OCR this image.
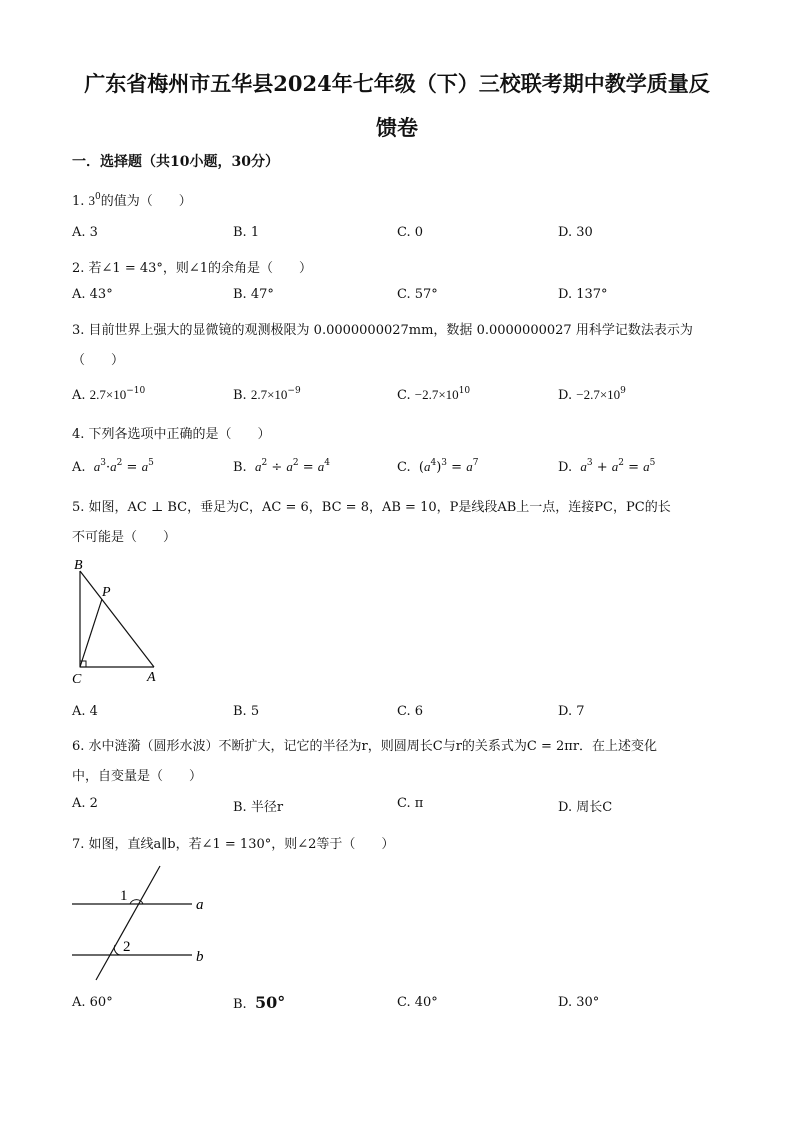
广东省梅州市五华县2024年七年级（下）三校联考期中教学质量反
馈卷
一．选择题（共10小题，30分）
1. $3^0$的值为（　　）
A. 3	B. 1	C. 0	D. 30
2. 若∠1 = 43°，则∠1的余角是（　　）
A. 43°	B. 47°	C. 57°	D. 137°
3. 目前世界上强大的显微镜的观测极限为 0.0000000027mm，数据 0.0000000027 用科学记数法表示为
（　　）
A. $2.7\times 10^{-10}$	B. $2.7\times 10^{-9}$	C. $-2.7\times 10^{10}$	D. $-2.7\times 10^9$
4. 下列各选项中正确的是（　　）
A. $a^3\cdot a^2 = a^5$	B. $a^2 \div a^2 = a^4$	C.  $(a^4)^3 = a^7$	D. $a^3 + a^2 = a^5$
5. 如图，AC ⊥ BC，垂足为C，AC = 6，BC = 8，AB = 10，P是线段AB上一点，连接PC，PC的长
不可能是（　　）
B
P
C	A
A. 4	B. 5	C. 6	D. 7
6. 水中涟漪（圆形水波）不断扩大，记它的半径为r，则圆周长C与r的关系式为C = 2πr．在上述变化
中，自变量是（　　）
A. 2	B. 半径r	C. π	D. 周长C
7. 如图，直线a∥b，若∠1 = 130°，则∠2等于（　　）
1
2
a
b
A. 60°	B. 50°	C. 40°	D. 30°
